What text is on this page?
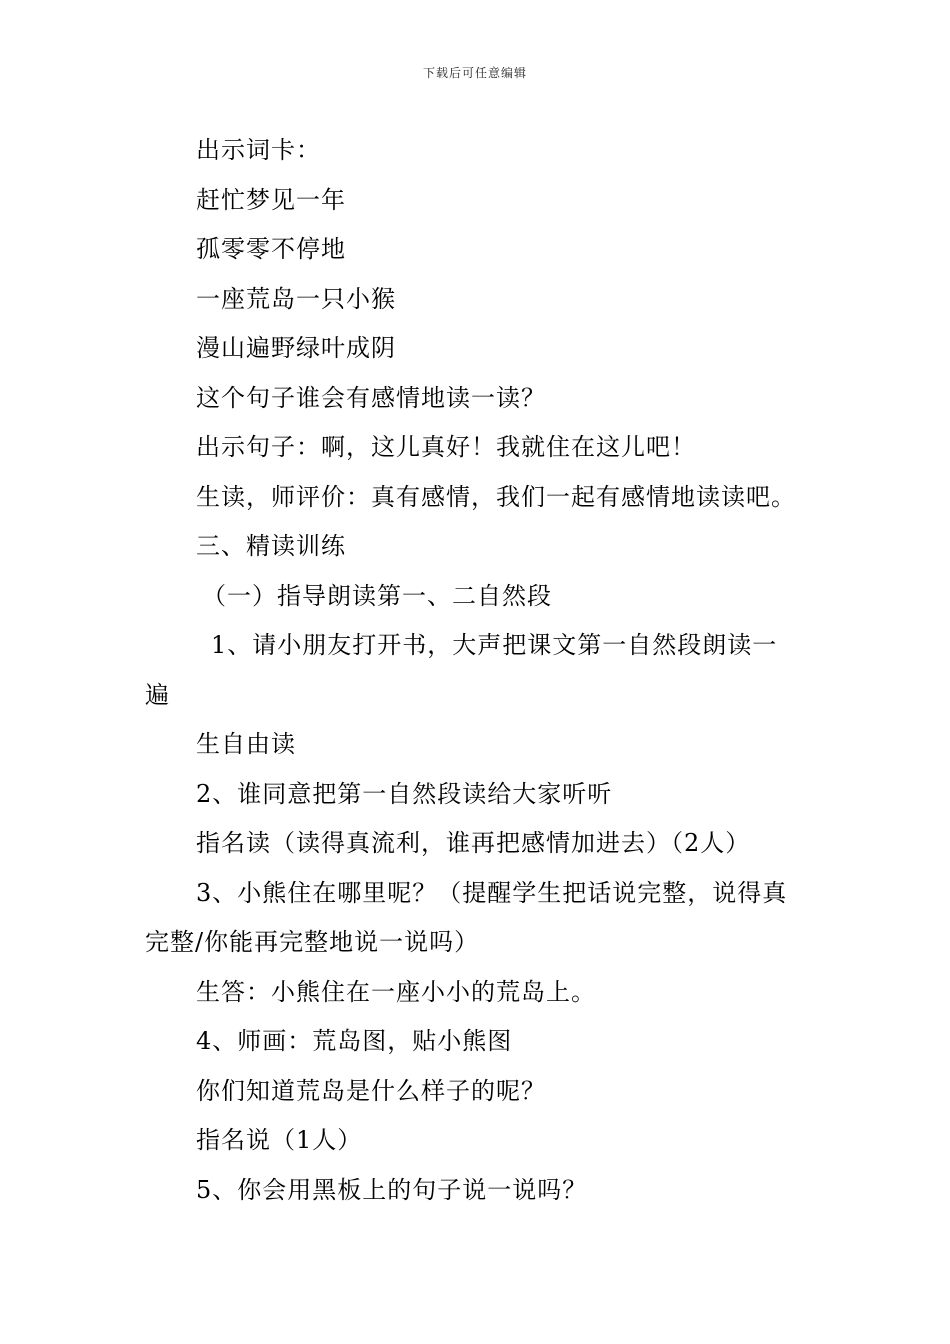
下载后可任意编辑
出示词卡：
赶忙梦见一年
孤零零不停地
一座荒岛一只小猴
漫山遍野绿叶成阴
这个句子谁会有感情地读一读？
出示句子：啊，这儿真好！我就住在这儿吧！
生读，师评价：真有感情，我们一起有感情地读读吧。
三、精读训练
（一）指导朗读第一、二自然段
1、请小朋友打开书，大声把课文第一自然段朗读一
遍
生自由读
2、谁同意把第一自然段读给大家听听
指名读（读得真流利，谁再把感情加进去）（2人）
3、小熊住在哪里呢？（提醒学生把话说完整，说得真
完整/你能再完整地说一说吗）
生答：小熊住在一座小小的荒岛上。
4、师画：荒岛图，贴小熊图
你们知道荒岛是什么样子的呢？
指名说（1人）
5、你会用黑板上的句子说一说吗？
